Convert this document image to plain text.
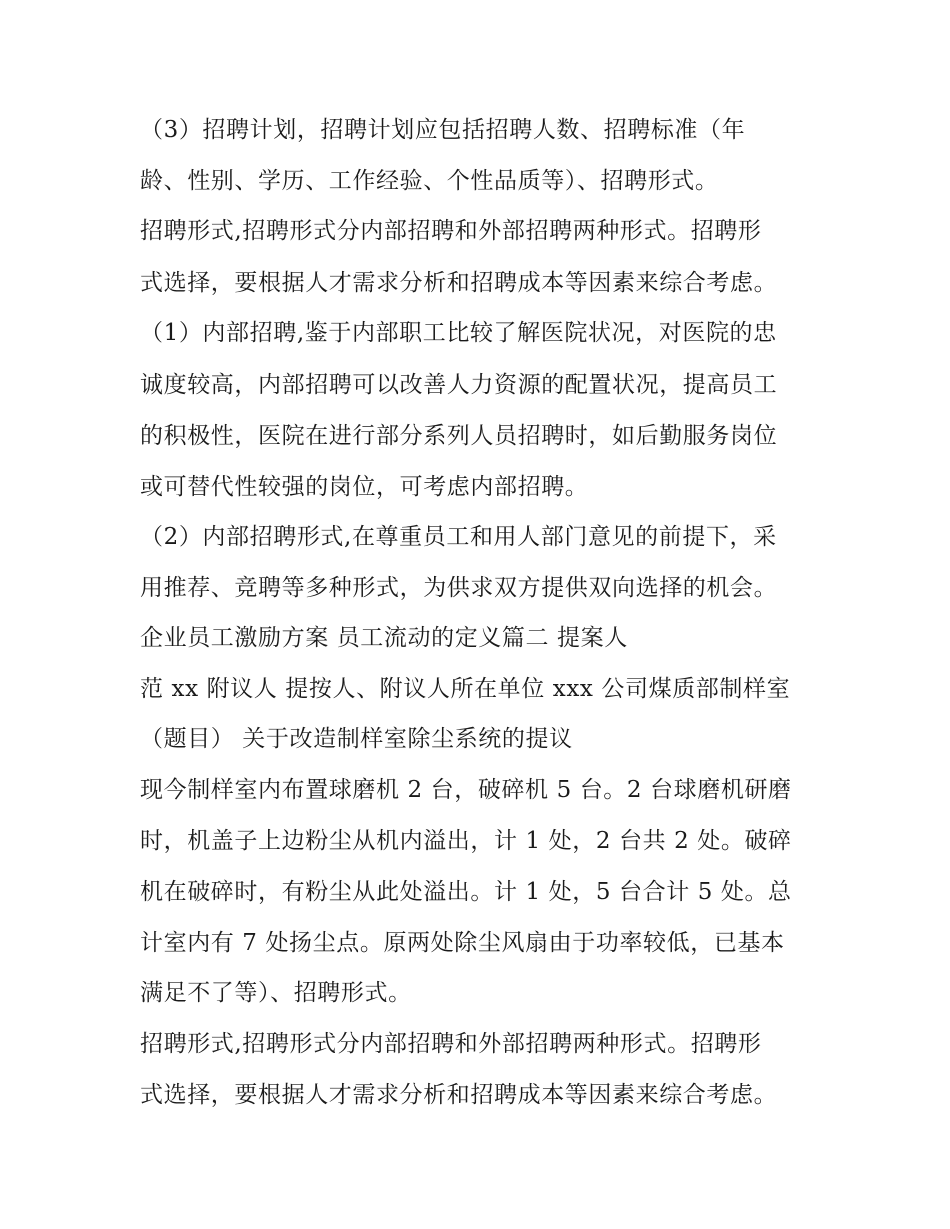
（3）招聘计划，招聘计划应包括招聘人数、招聘标准（年
龄、性别、学历、工作经验、个性品质等）、招聘形式。
招聘形式,招聘形式分内部招聘和外部招聘两种形式。招聘形
式选择，要根据人才需求分析和招聘成本等因素来综合考虑。
（1）内部招聘,鉴于内部职工比较了解医院状况，对医院的忠
诚度较高，内部招聘可以改善人力资源的配置状况，提高员工
的积极性，医院在进行部分系列人员招聘时，如后勤服务岗位
或可替代性较强的岗位，可考虑内部招聘。
（2）内部招聘形式,在尊重员工和用人部门意见的前提下，采
用推荐、竞聘等多种形式，为供求双方提供双向选择的机会。
企业员工激励方案 员工流动的定义篇二 提案人
范 xx 附议人 提按人、附议人所在单位 xxx 公司煤质部制样室
（题目） 关于改造制样室除尘系统的提议
现今制样室内布置球磨机 2 台，破碎机 5 台。2 台球磨机研磨
时，机盖子上边粉尘从机内溢出，计 1 处，2 台共 2 处。破碎
机在破碎时，有粉尘从此处溢出。计 1 处，5 台合计 5 处。总
计室内有 7 处扬尘点。原两处除尘风扇由于功率较低，已基本
满足不了等）、招聘形式。
招聘形式,招聘形式分内部招聘和外部招聘两种形式。招聘形
式选择，要根据人才需求分析和招聘成本等因素来综合考虑。
